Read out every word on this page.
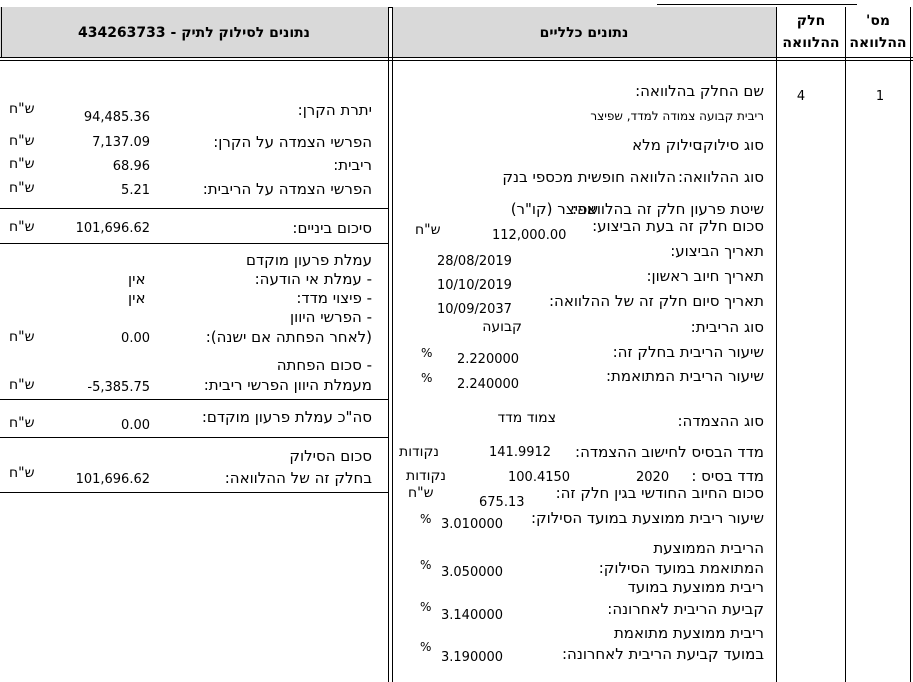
מס'
ההלוואה
חלק
ההלוואה
נתונים כלליים
נתונים לסילוק לתיק - 434263733
1
4
שם החלק בהלוואה:
ריבית קבועה צמודה למדד, שפיצר
סוג סילוק:
סילוק מלא
סוג ההלוואה:
הלוואה חופשית מכספי בנק
שיטת פרעון חלק זה בהלוואה:
שפיצר (קו"ר)
סכום חלק זה בעת הביצוע:
112,000.00
ש"ח
תאריך הביצוע:
28/08/2019
תאריך חיוב ראשון:
10/10/2019
תאריך סיום חלק זה של ההלוואה:
10/09/2037
סוג הריבית:
קבועה
שיעור הריבית בחלק זה:
2.220000
%
שיעור הריבית המתואמת:
2.240000
%
סוג ההצמדה:
צמוד מדד
מדד הבסיס לחישוב ההצמדה:
141.9912
נקודות
מדד בסיס :
2020
100.4150
נקודות
סכום החיוב החודשי בגין חלק זה:
675.13
ש"ח
שיעור ריבית ממוצעת במועד הסילוק:
3.010000
%
הריבית הממוצעת
המתואמת במועד הסילוק:
3.050000
%
ריבית ממוצעת במועד
קביעת הריבית לאחרונה:
3.140000
%
ריבית ממוצעת מתואמת
במועד קביעת הריבית לאחרונה:
3.190000
%
יתרת הקרן:
94,485.36
ש"ח
הפרשי הצמדה על הקרן:
7,137.09
ש"ח
ריבית:
68.96
ש"ח
הפרשי הצמדה על הריבית:
5.21
ש"ח
סיכום ביניים:
101,696.62
ש"ח
עמלת פרעון מוקדם
- עמלת אי הודעה:
אין
- פיצוי מדד:
אין
- הפרשי היוון
(לאחר הפחתה אם ישנה):
0.00
ש"ח
- סכום הפחתה
מעמלת היוון הפרשי ריבית:
-5,385.75
ש"ח
סה"כ עמלת פרעון מוקדם:
0.00
ש"ח
סכום הסילוק
בחלק זה של ההלוואה:
101,696.62
ש"ח
